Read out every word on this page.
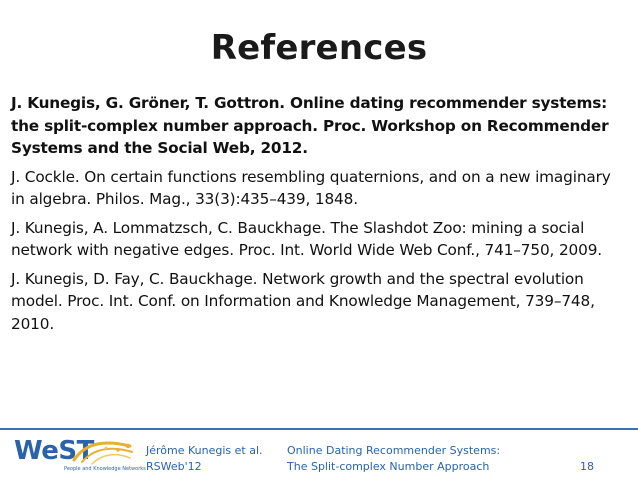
References

J. Kunegis, G. Gröner, T. Gottron. Online dating recommender systems: the split-complex number approach. Proc. Workshop on Recommender Systems and the Social Web, 2012.

J. Cockle. On certain functions resembling quaternions, and on a new imaginary in algebra. Philos. Mag., 33(3):435–439, 1848.

J. Kunegis, A. Lommatzsch, C. Bauckhage. The Slashdot Zoo: mining a social network with negative edges. Proc. Int. World Wide Web Conf., 741–750, 2009.

J. Kunegis, D. Fay, C. Bauckhage. Network growth and the spectral evolution model. Proc. Int. Conf. on Information and Knowledge Management, 739–748, 2010.

WeST
People and Knowledge Networks
Jérôme Kunegis et al.
RSWeb'12
Online Dating Recommender Systems:
The Split-complex Number Approach	18
